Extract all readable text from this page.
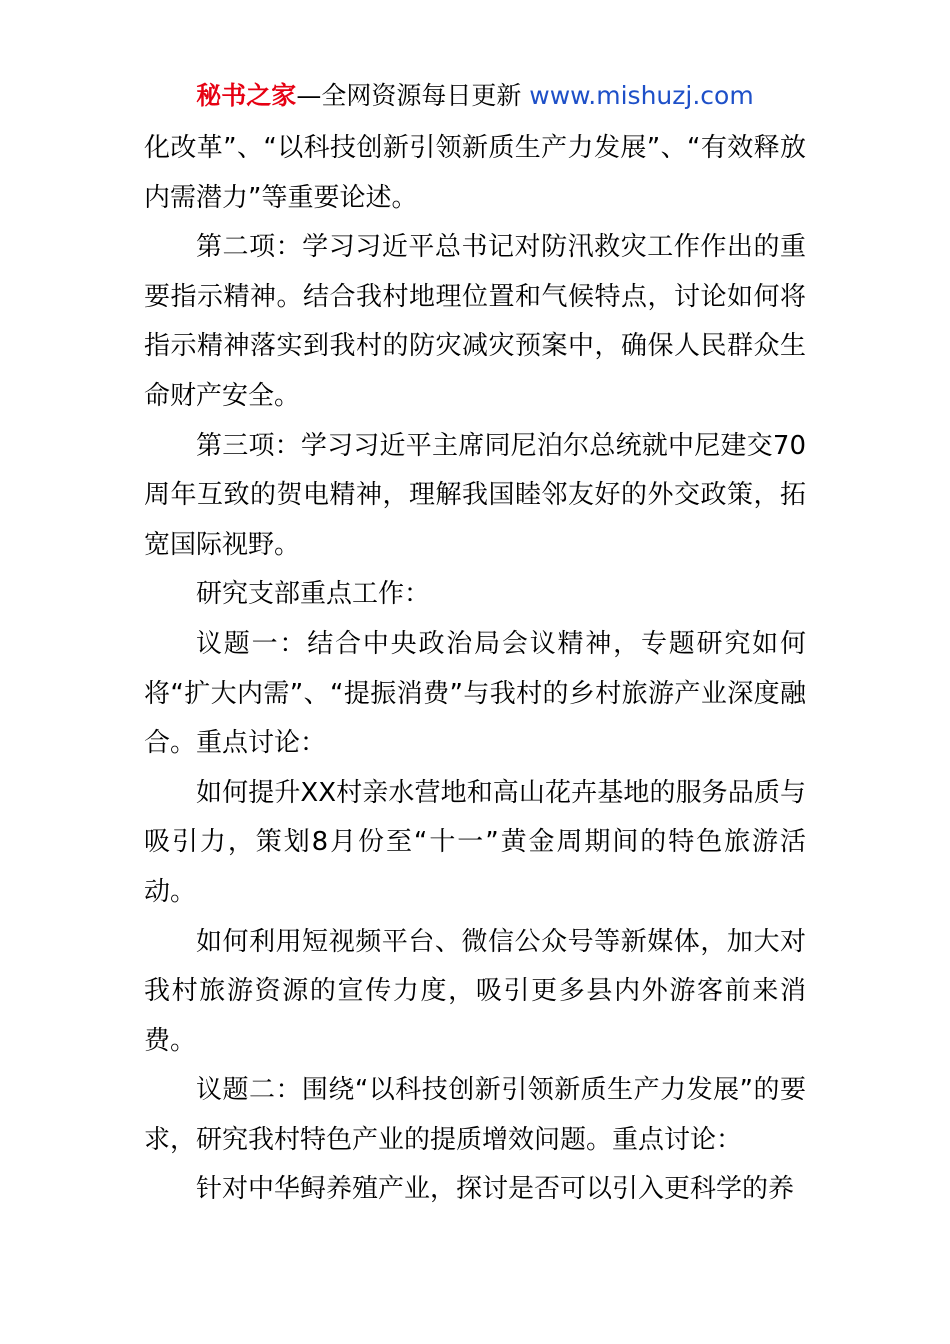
秘书之家—全网资源每日更新 www.mishuzj.com

化改革”、“以科技创新引领新质生产力发展”、“有效释放内需潜力”等重要论述。

第二项：学习习近平总书记对防汛救灾工作作出的重要指示精神。结合我村地理位置和气候特点，讨论如何将指示精神落实到我村的防灾减灾预案中，确保人民群众生命财产安全。

第三项：学习习近平主席同尼泊尔总统就中尼建交70周年互致的贺电精神，理解我国睦邻友好的外交政策，拓宽国际视野。

研究支部重点工作：

议题一：结合中央政治局会议精神，专题研究如何将“扩大内需”、“提振消费”与我村的乡村旅游产业深度融合。重点讨论：

如何提升XX村亲水营地和高山花卉基地的服务品质与吸引力，策划8月份至“十一”黄金周期间的特色旅游活动。

如何利用短视频平台、微信公众号等新媒体，加大对我村旅游资源的宣传力度，吸引更多县内外游客前来消费。

议题二：围绕“以科技创新引领新质生产力发展”的要求，研究我村特色产业的提质增效问题。重点讨论：

针对中华鲟养殖产业，探讨是否可以引入更科学的养
